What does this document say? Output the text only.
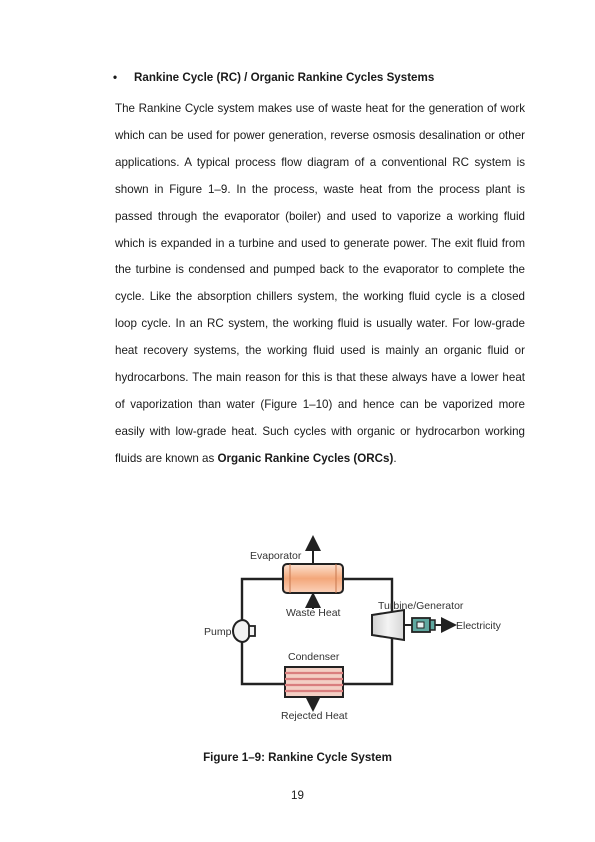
• Rankine Cycle (RC) / Organic Rankine Cycles Systems
The Rankine Cycle system makes use of waste heat for the generation of work which can be used for power generation, reverse osmosis desalination or other applications. A typical process flow diagram of a conventional RC system is shown in Figure 1–9. In the process, waste heat from the process plant is passed through the evaporator (boiler) and used to vaporize a working fluid which is expanded in a turbine and used to generate power. The exit fluid from the turbine is condensed and pumped back to the evaporator to complete the cycle. Like the absorption chillers system, the working fluid cycle is a closed loop cycle. In an RC system, the working fluid is usually water. For low-grade heat recovery systems, the working fluid used is mainly an organic fluid or hydrocarbons. The main reason for this is that these always have a lower heat of vaporization than water (Figure 1–10) and hence can be vaporized more easily with low-grade heat. Such cycles with organic or hydrocarbon working fluids are known as Organic Rankine Cycles (ORCs).
Evaporator
Waste Heat
Pump
Condenser
Rejected Heat
Turbine/Generator
Electricity
Figure 1–9: Rankine Cycle System
19
